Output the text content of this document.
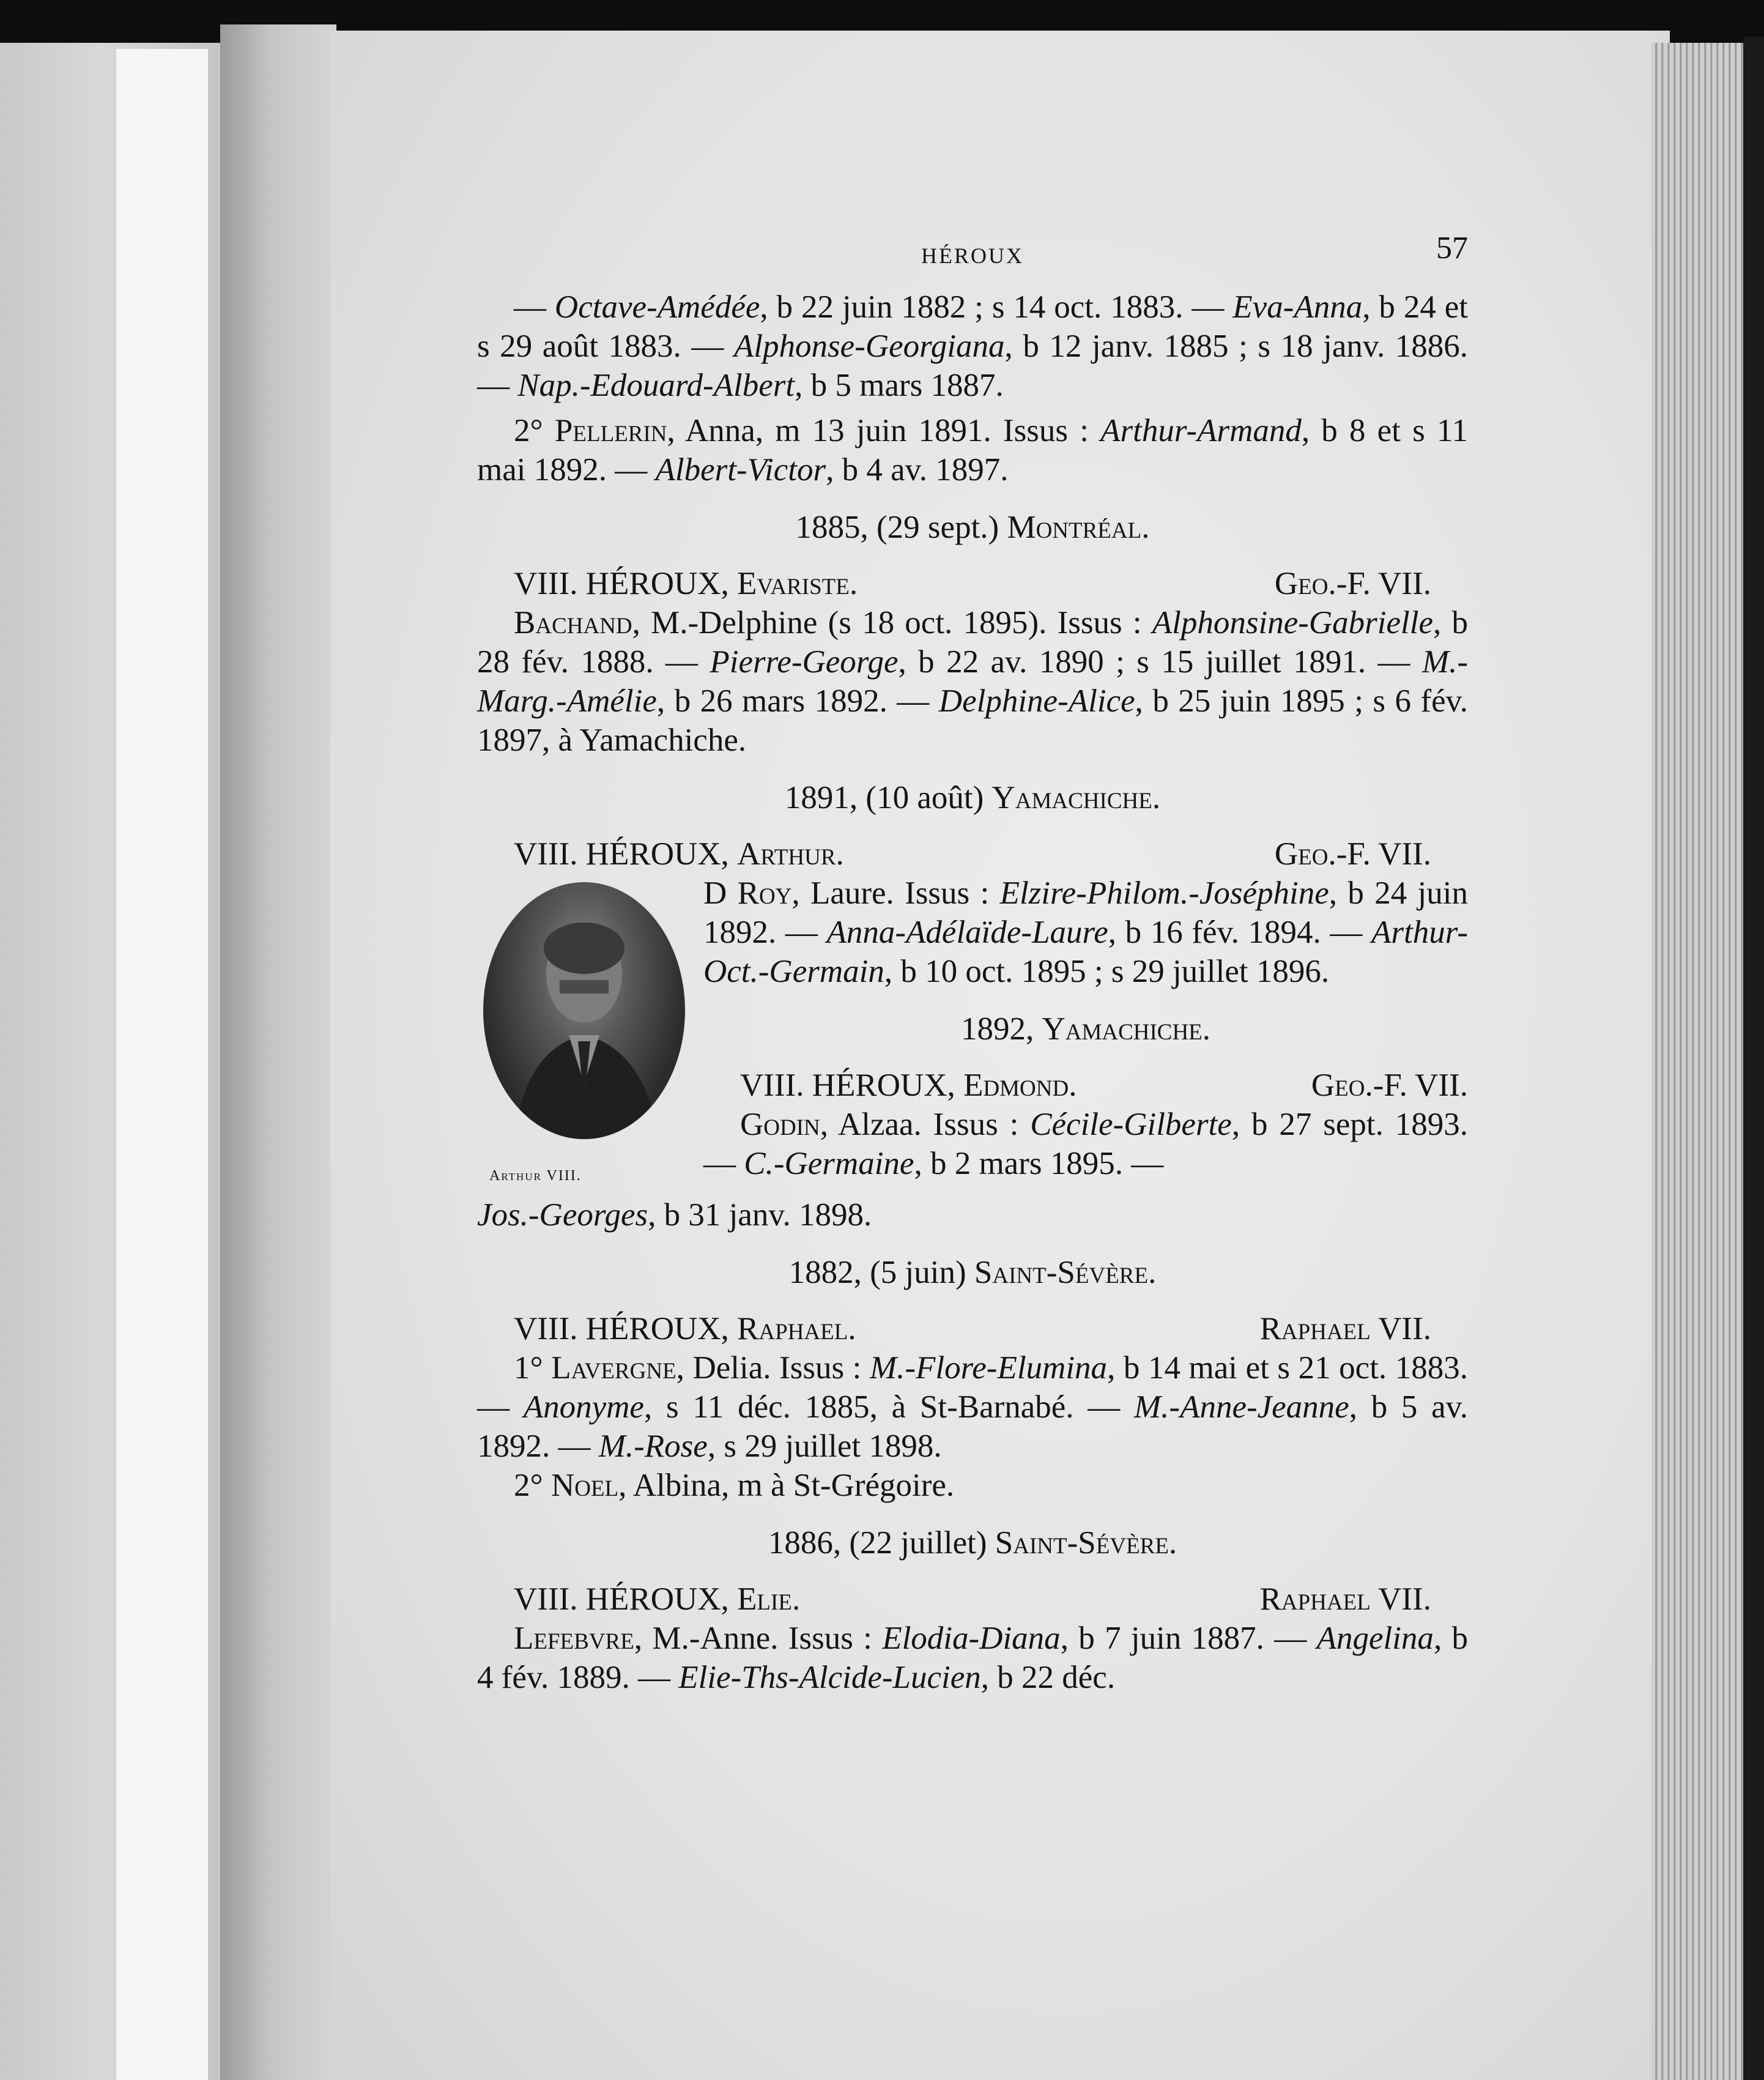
HÉROUX	57

— Octave-Amédée, b 22 juin 1882 ; s 14 oct. 1883. — Eva-Anna, b 24 et s 29 août 1883. — Alphonse-Georgiana, b 12 janv. 1885 ; s 18 janv. 1886. — Nap.-Edouard-Albert, b 5 mars 1887.

2° Pellerin, Anna, m 13 juin 1891. Issus : Arthur-Armand, b 8 et s 11 mai 1892. — Albert-Victor, b 4 av. 1897.

1885, (29 sept.) Montréal.

VIII. HÉROUX, Evariste.	Geo.-F. VII.

Bachand, M.-Delphine (s 18 oct. 1895). Issus : Alphonsine-Gabrielle, b 28 fév. 1888. — Pierre-George, b 22 av. 1890 ; s 15 juillet 1891. — M.-Marg.-Amélie, b 26 mars 1892. — Delphine-Alice, b 25 juin 1895 ; s 6 fév. 1897, à Yamachiche.

1891, (10 août) Yamachiche.

VIII. HÉROUX, Arthur.	Geo.-F. VII.
Arthur VIII.

D Roy, Laure. Issus : Elzire-Philom.-Joséphine, b 24 juin 1892. — Anna-Adélaïde-Laure, b 16 fév. 1894. — Arthur-Oct.-Germain, b 10 oct. 1895 ; s 29 juillet 1896.

1892, Yamachiche.

VIII. HÉROUX, Edmond.	Geo.-F. VII.

Godin, Alzaa. Issus : Cécile-Gilberte, b 27 sept. 1893. — C.-Germaine, b 2 mars 1895. —

Jos.-Georges, b 31 janv. 1898.

1882, (5 juin) Saint-Sévère.

VIII. HÉROUX, Raphael.	Raphael VII.

1° Lavergne, Delia. Issus : M.-Flore-Elumina, b 14 mai et s 21 oct. 1883. — Anonyme, s 11 déc. 1885, à St-Barnabé. — M.-Anne-Jeanne, b 5 av. 1892. — M.-Rose, s 29 juillet 1898.

2° Noel, Albina, m à St-Grégoire.

1886, (22 juillet) Saint-Sévère.

VIII. HÉROUX, Elie.	Raphael VII.

Lefebvre, M.-Anne. Issus : Elodia-Diana, b 7 juin 1887. — Angelina, b 4 fév. 1889. — Elie-Ths-Alcide-Lucien, b 22 déc.
